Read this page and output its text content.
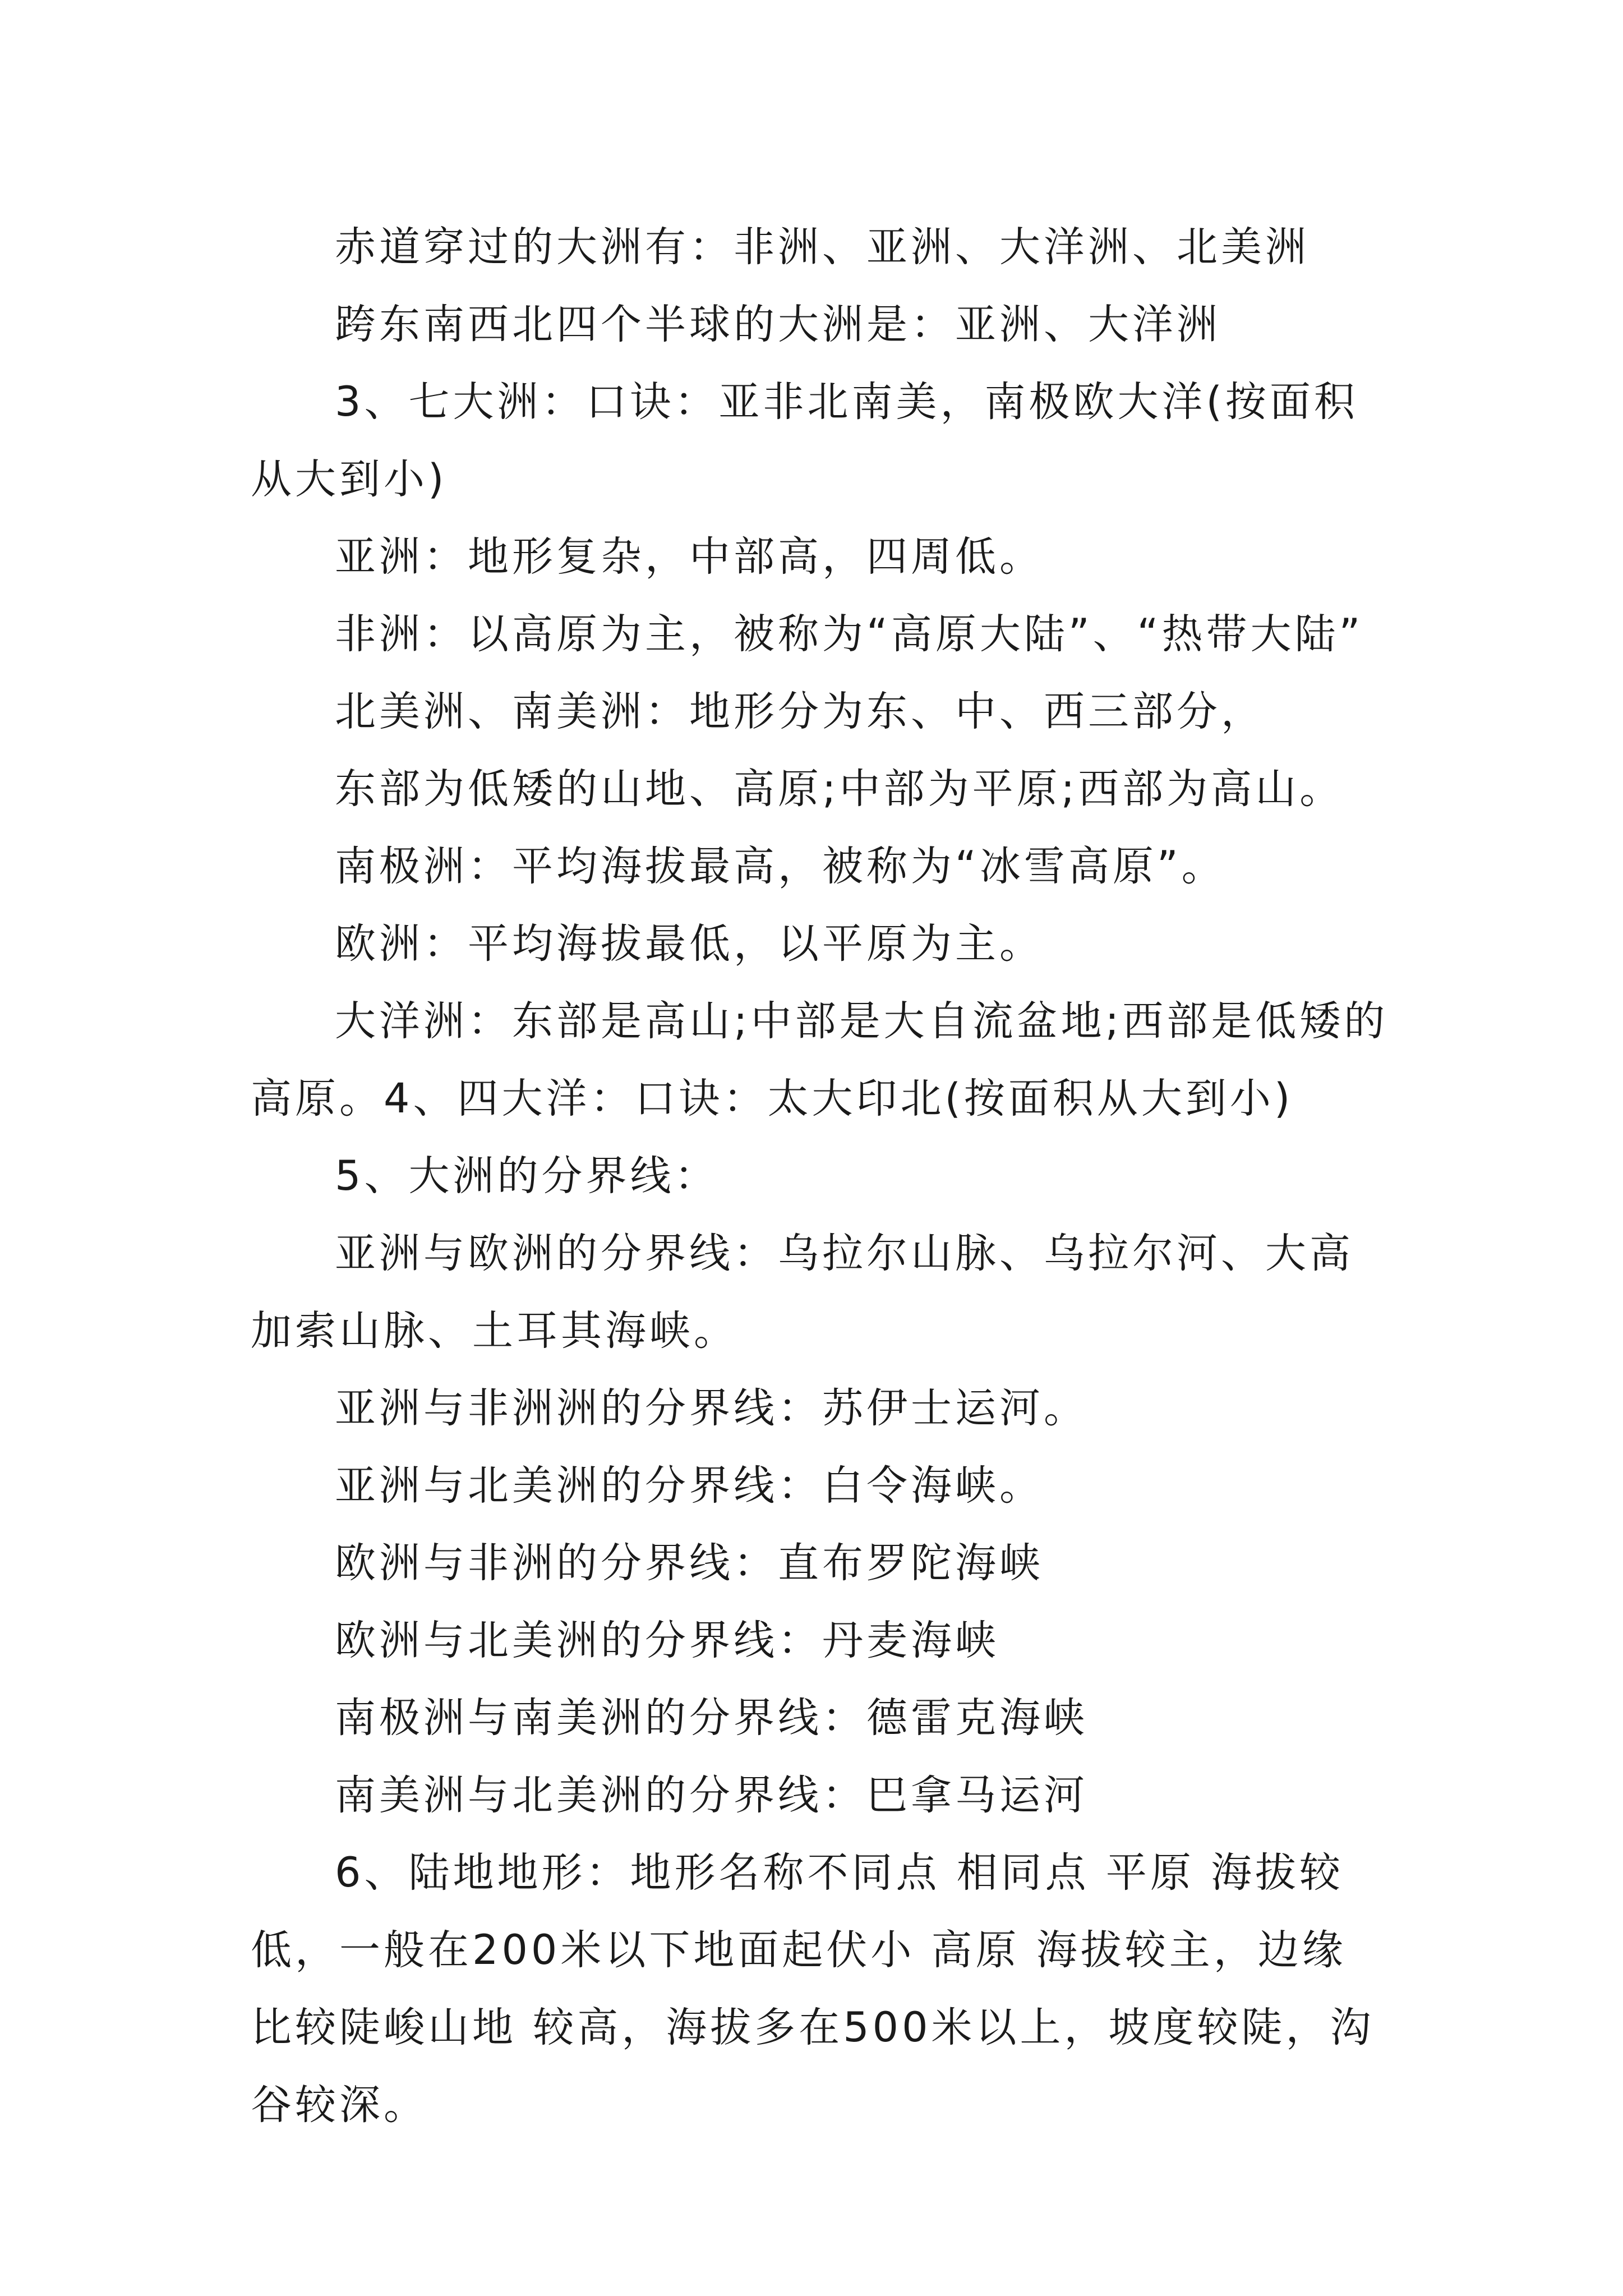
赤道穿过的大洲有：非洲、亚洲、大洋洲、北美洲

跨东南西北四个半球的大洲是：亚洲、大洋洲

3、七大洲：口诀：亚非北南美，南极欧大洋(按面积从大到小)

亚洲：地形复杂，中部高，四周低。

非洲：以高原为主，被称为“高原大陆”、“热带大陆”

北美洲、南美洲：地形分为东、中、西三部分，

东部为低矮的山地、高原;中部为平原;西部为高山。

南极洲：平均海拔最高，被称为“冰雪高原”。

欧洲：平均海拔最低，以平原为主。

大洋洲：东部是高山;中部是大自流盆地;西部是低矮的高原。4、四大洋：口诀：太大印北(按面积从大到小)

5、大洲的分界线：

亚洲与欧洲的分界线：乌拉尔山脉、乌拉尔河、大高加索山脉、土耳其海峡。

亚洲与非洲洲的分界线：苏伊士运河。

亚洲与北美洲的分界线：白令海峡。

欧洲与非洲的分界线：直布罗陀海峡

欧洲与北美洲的分界线：丹麦海峡

南极洲与南美洲的分界线：德雷克海峡

南美洲与北美洲的分界线：巴拿马运河

6、陆地地形：地形名称不同点 相同点 平原 海拔较低，一般在200米以下地面起伏小 高原 海拔较主，边缘比较陡峻山地 较高，海拔多在500米以上，坡度较陡，沟谷较深。
